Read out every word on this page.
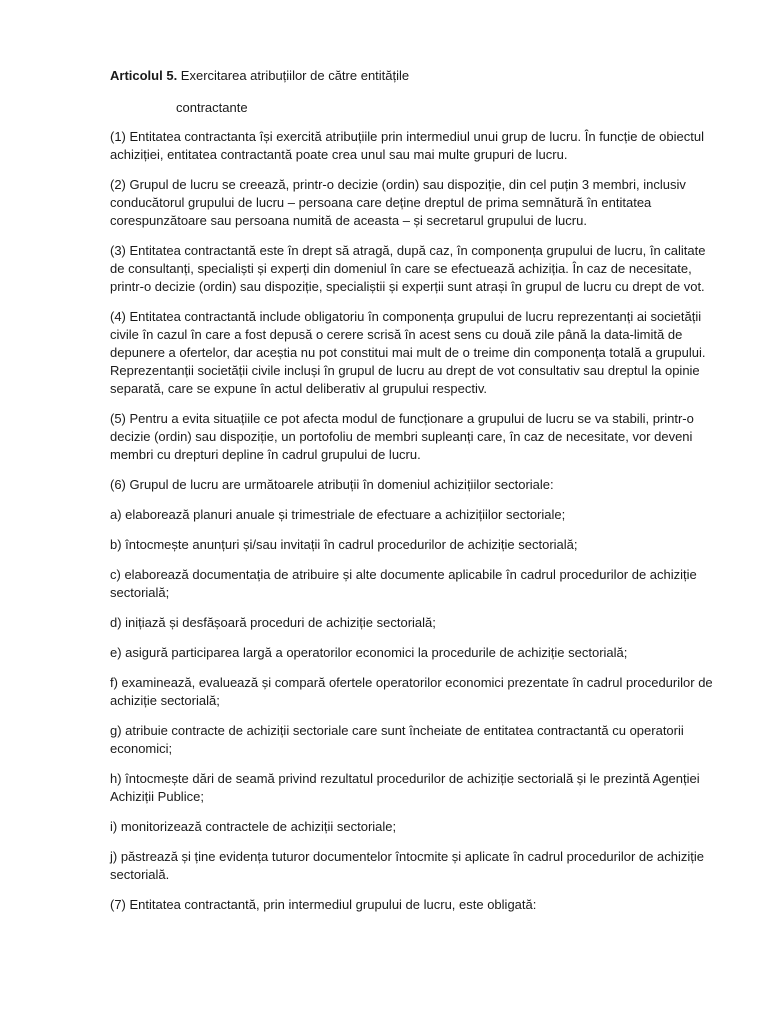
Articolul 5. Exercitarea atribuțiilor de către entitățile

contractante

(1) Entitatea contractanta își exercită atribuțiile prin intermediul unui grup de lucru. În funcție de obiectul achiziției, entitatea contractantă poate crea unul sau mai multe grupuri de lucru.

(2) Grupul de lucru se creează, printr-o decizie (ordin) sau dispoziție, din cel puțin 3 membri, inclusiv conducătorul grupului de lucru – persoana care deține dreptul de prima semnătură în entitatea corespunzătoare sau persoana numită de aceasta – și secretarul grupului de lucru.

(3) Entitatea contractantă este în drept să atragă, după caz, în componența grupului de lucru, în calitate de consultanți, specialiști și experți din domeniul în care se efectuează achiziția. În caz de necesitate, printr-o decizie (ordin) sau dispoziție, specialiștii și experții sunt atrași în grupul de lucru cu drept de vot.

(4) Entitatea contractantă include obligatoriu în componența grupului de lucru reprezentanți ai societății civile în cazul în care a fost depusă o cerere scrisă în acest sens cu două zile până la data-limită de depunere a ofertelor, dar aceștia nu pot constitui mai mult de o treime din componența totală a grupului. Reprezentanții societății civile incluși în grupul de lucru au drept de vot consultativ sau dreptul la opinie separată, care se expune în actul deliberativ al grupului respectiv.

(5) Pentru a evita situațiile ce pot afecta modul de funcționare a grupului de lucru se va stabili, printr-o decizie (ordin) sau dispoziție, un portofoliu de membri supleanți care, în caz de necesitate, vor deveni membri cu drepturi depline în cadrul grupului de lucru.

(6) Grupul de lucru are următoarele atribuții în domeniul achizițiilor sectoriale:

a) elaborează planuri anuale și trimestriale de efectuare a achizițiilor sectoriale;

b) întocmește anunțuri și/sau invitații în cadrul procedurilor de achiziție sectorială;

c) elaborează documentația de atribuire și alte documente aplicabile în cadrul procedurilor de achiziție sectorială;

d) inițiază și desfășoară proceduri de achiziție sectorială;

e) asigură participarea largă a operatorilor economici la procedurile de achiziție sectorială;

f) examinează, evaluează și compară ofertele operatorilor economici prezentate în cadrul procedurilor de achiziție sectorială;

g) atribuie contracte de achiziții sectoriale care sunt încheiate de entitatea contractantă cu operatorii economici;

h) întocmește dări de seamă privind rezultatul procedurilor de achiziție sectorială și le prezintă Agenției Achiziții Publice;

i) monitorizează contractele de achiziții sectoriale;

j) păstrează și ține evidența tuturor documentelor întocmite și aplicate în cadrul procedurilor de achiziție sectorială.

(7) Entitatea contractantă, prin intermediul grupului de lucru, este obligată:
